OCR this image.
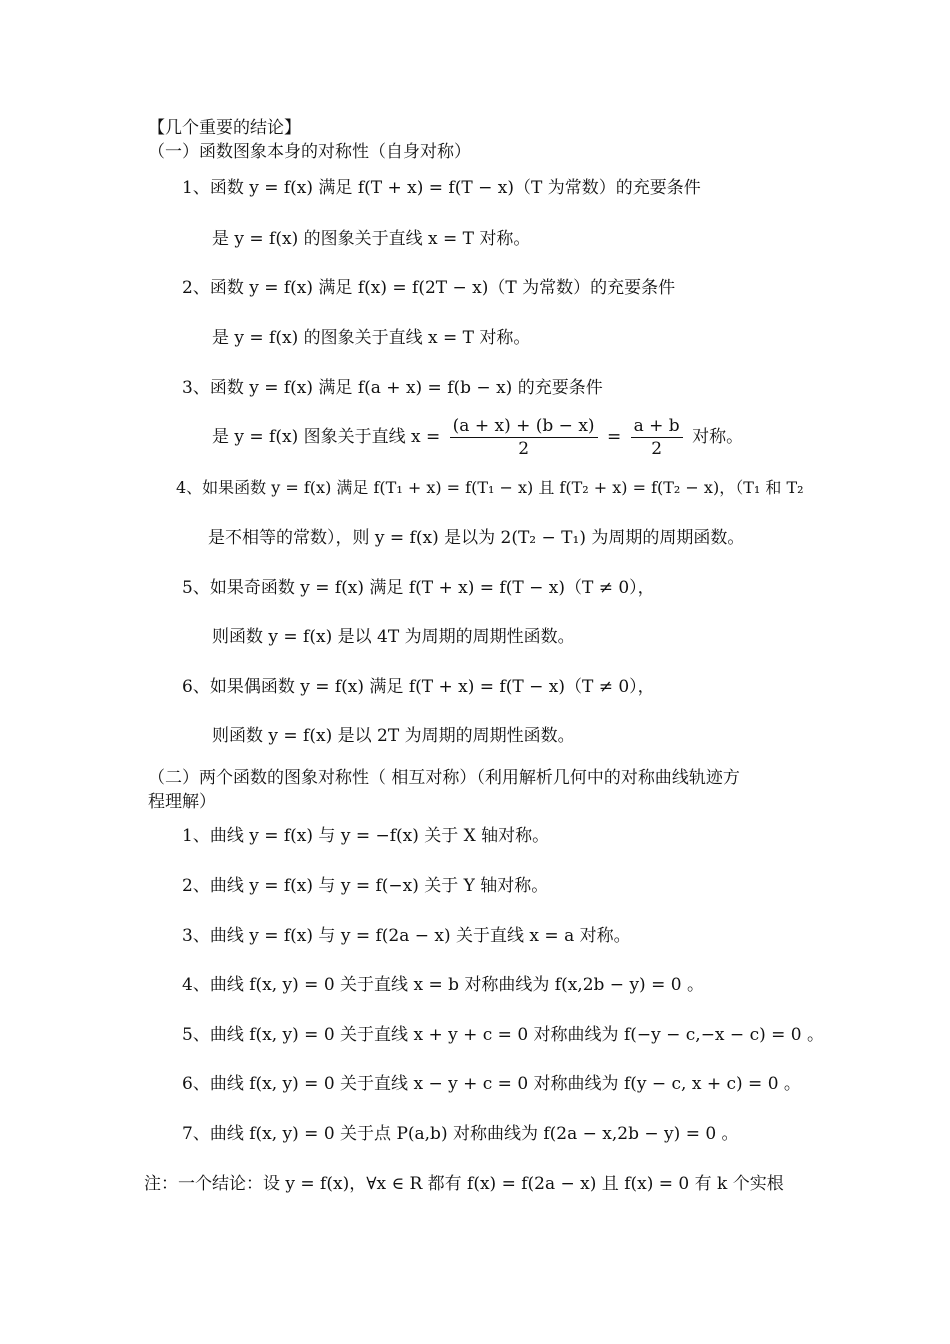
【几个重要的结论】
（一）函数图象本身的对称性（自身对称）
1、函数 y = f(x) 满足 f(T + x) = f(T − x)（T 为常数）的充要条件
是 y = f(x) 的图象关于直线 x = T 对称。
2、函数 y = f(x) 满足 f(x) = f(2T − x)（T 为常数）的充要条件
是 y = f(x) 的图象关于直线 x = T 对称。
3、函数 y = f(x) 满足 f(a + x) = f(b − x) 的充要条件
是 y = f(x) 图象关于直线 $x = \frac{(a + x) + (b - x)}{2} = \frac{a + b}{2}$ 对称。
4、如果函数 y = f(x) 满足 f(T₁ + x) = f(T₁ − x) 且 f(T₂ + x) = f(T₂ − x)，（T₁ 和 T₂
是不相等的常数），则 y = f(x) 是以为 2(T₂ − T₁) 为周期的周期函数。
5、如果奇函数 y = f(x) 满足 f(T + x) = f(T − x)（T ≠ 0），
则函数 y = f(x) 是以 4T 为周期的周期性函数。
6、如果偶函数 y = f(x) 满足 f(T + x) = f(T − x)（T ≠ 0），
则函数 y = f(x) 是以 2T 为周期的周期性函数。
（二）两个函数的图象对称性（ 相互对称）（利用解析几何中的对称曲线轨迹方
程理解）
1、曲线 y = f(x) 与 y = −f(x) 关于 X 轴对称。
2、曲线 y = f(x) 与 y = f(−x) 关于 Y 轴对称。
3、曲线 y = f(x) 与 y = f(2a − x) 关于直线 x = a 对称。
4、曲线 f(x, y) = 0 关于直线 x = b 对称曲线为 f(x,2b − y) = 0 。
5、曲线 f(x, y) = 0 关于直线 x + y + c = 0 对称曲线为 f(−y − c,−x − c) = 0 。
6、曲线 f(x, y) = 0 关于直线 x − y + c = 0 对称曲线为 f(y − c, x + c) = 0 。
7、曲线 f(x, y) = 0 关于点 P(a,b) 对称曲线为 f(2a − x,2b − y) = 0 。
注：一个结论：设 y = f(x)，∀x ∈ R 都有 f(x) = f(2a − x) 且 f(x) = 0 有 k 个实根
